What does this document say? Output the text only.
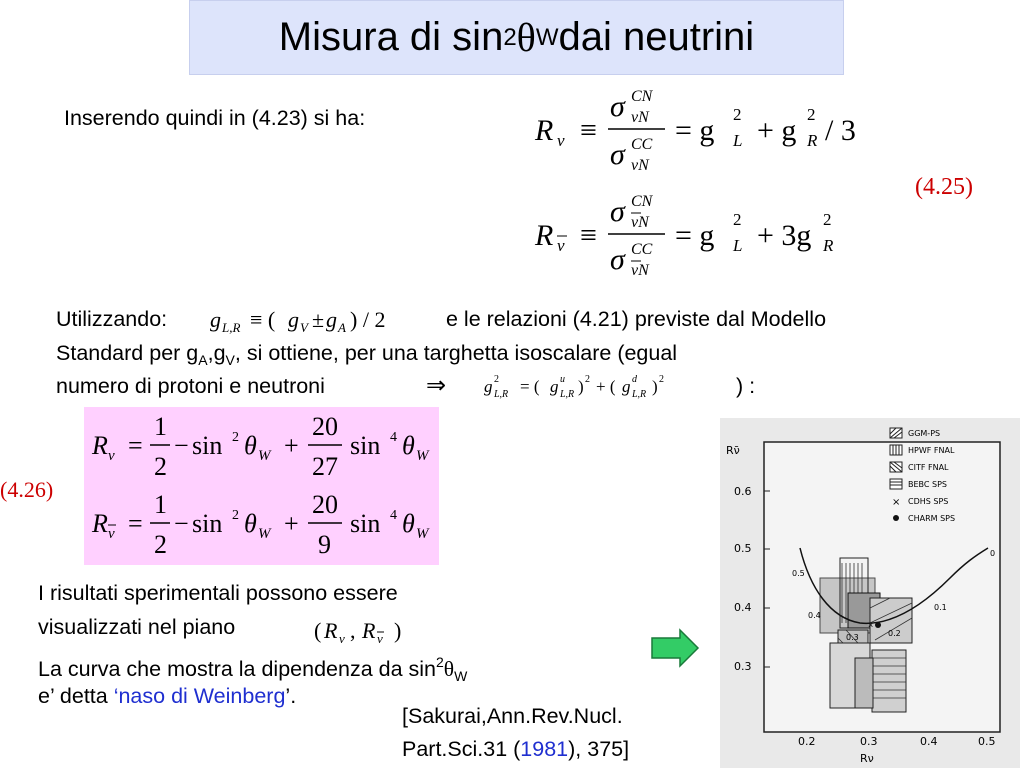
Misura di sin 2 θ W dai neutrini
Inserendo quindi in (4.23) si ha:	R ν ≡
σ CN
νN
σ CC
νN
= g 2
L + g 2
R / 3
R ν ≡
σ CN
νN
σ CC
νN
= g 2
L + 3g 2
R
(4.25)
Utilizzando: g L,R ≡ ( g V ± g A ) / 2	e le relazioni (4.21) previste dal Modello
Standard per $g_A,g_V$, si ottiene, per una targhetta isoscalare (egual
numero di protoni e neutroni	⇒ g 2
L,R = ( g u
L,R ) 2 + ( g d
L,R ) 2	) :
R ν =
1
2
− sin 2 θ W +
20
27
sin 4 θ W
R ν =
1
2
− sin 2 θ W +
20
9
sin 4 θ W
(4.26)
I risultati sperimentali possono essere
visualizzati nel piano	( R ν , R ν )
La curva che mostra la dipendenza da $\sin^2\theta_W$
e’ detta ‘naso di Weinberg’.
[Sakurai,Ann.Rev.Nucl.
Part.Sci.31 (1981), 375]
Rν̄
0.6
0.5
0.4
0.3
0.2	0.3	0.4	0.5
Rν
GGM-PS
HPWF FNAL
CITF FNAL
BEBC SPS
× CDHS SPS
CHARM SPS
×
0.5
0.4
0.3	0.2
0.1
0
